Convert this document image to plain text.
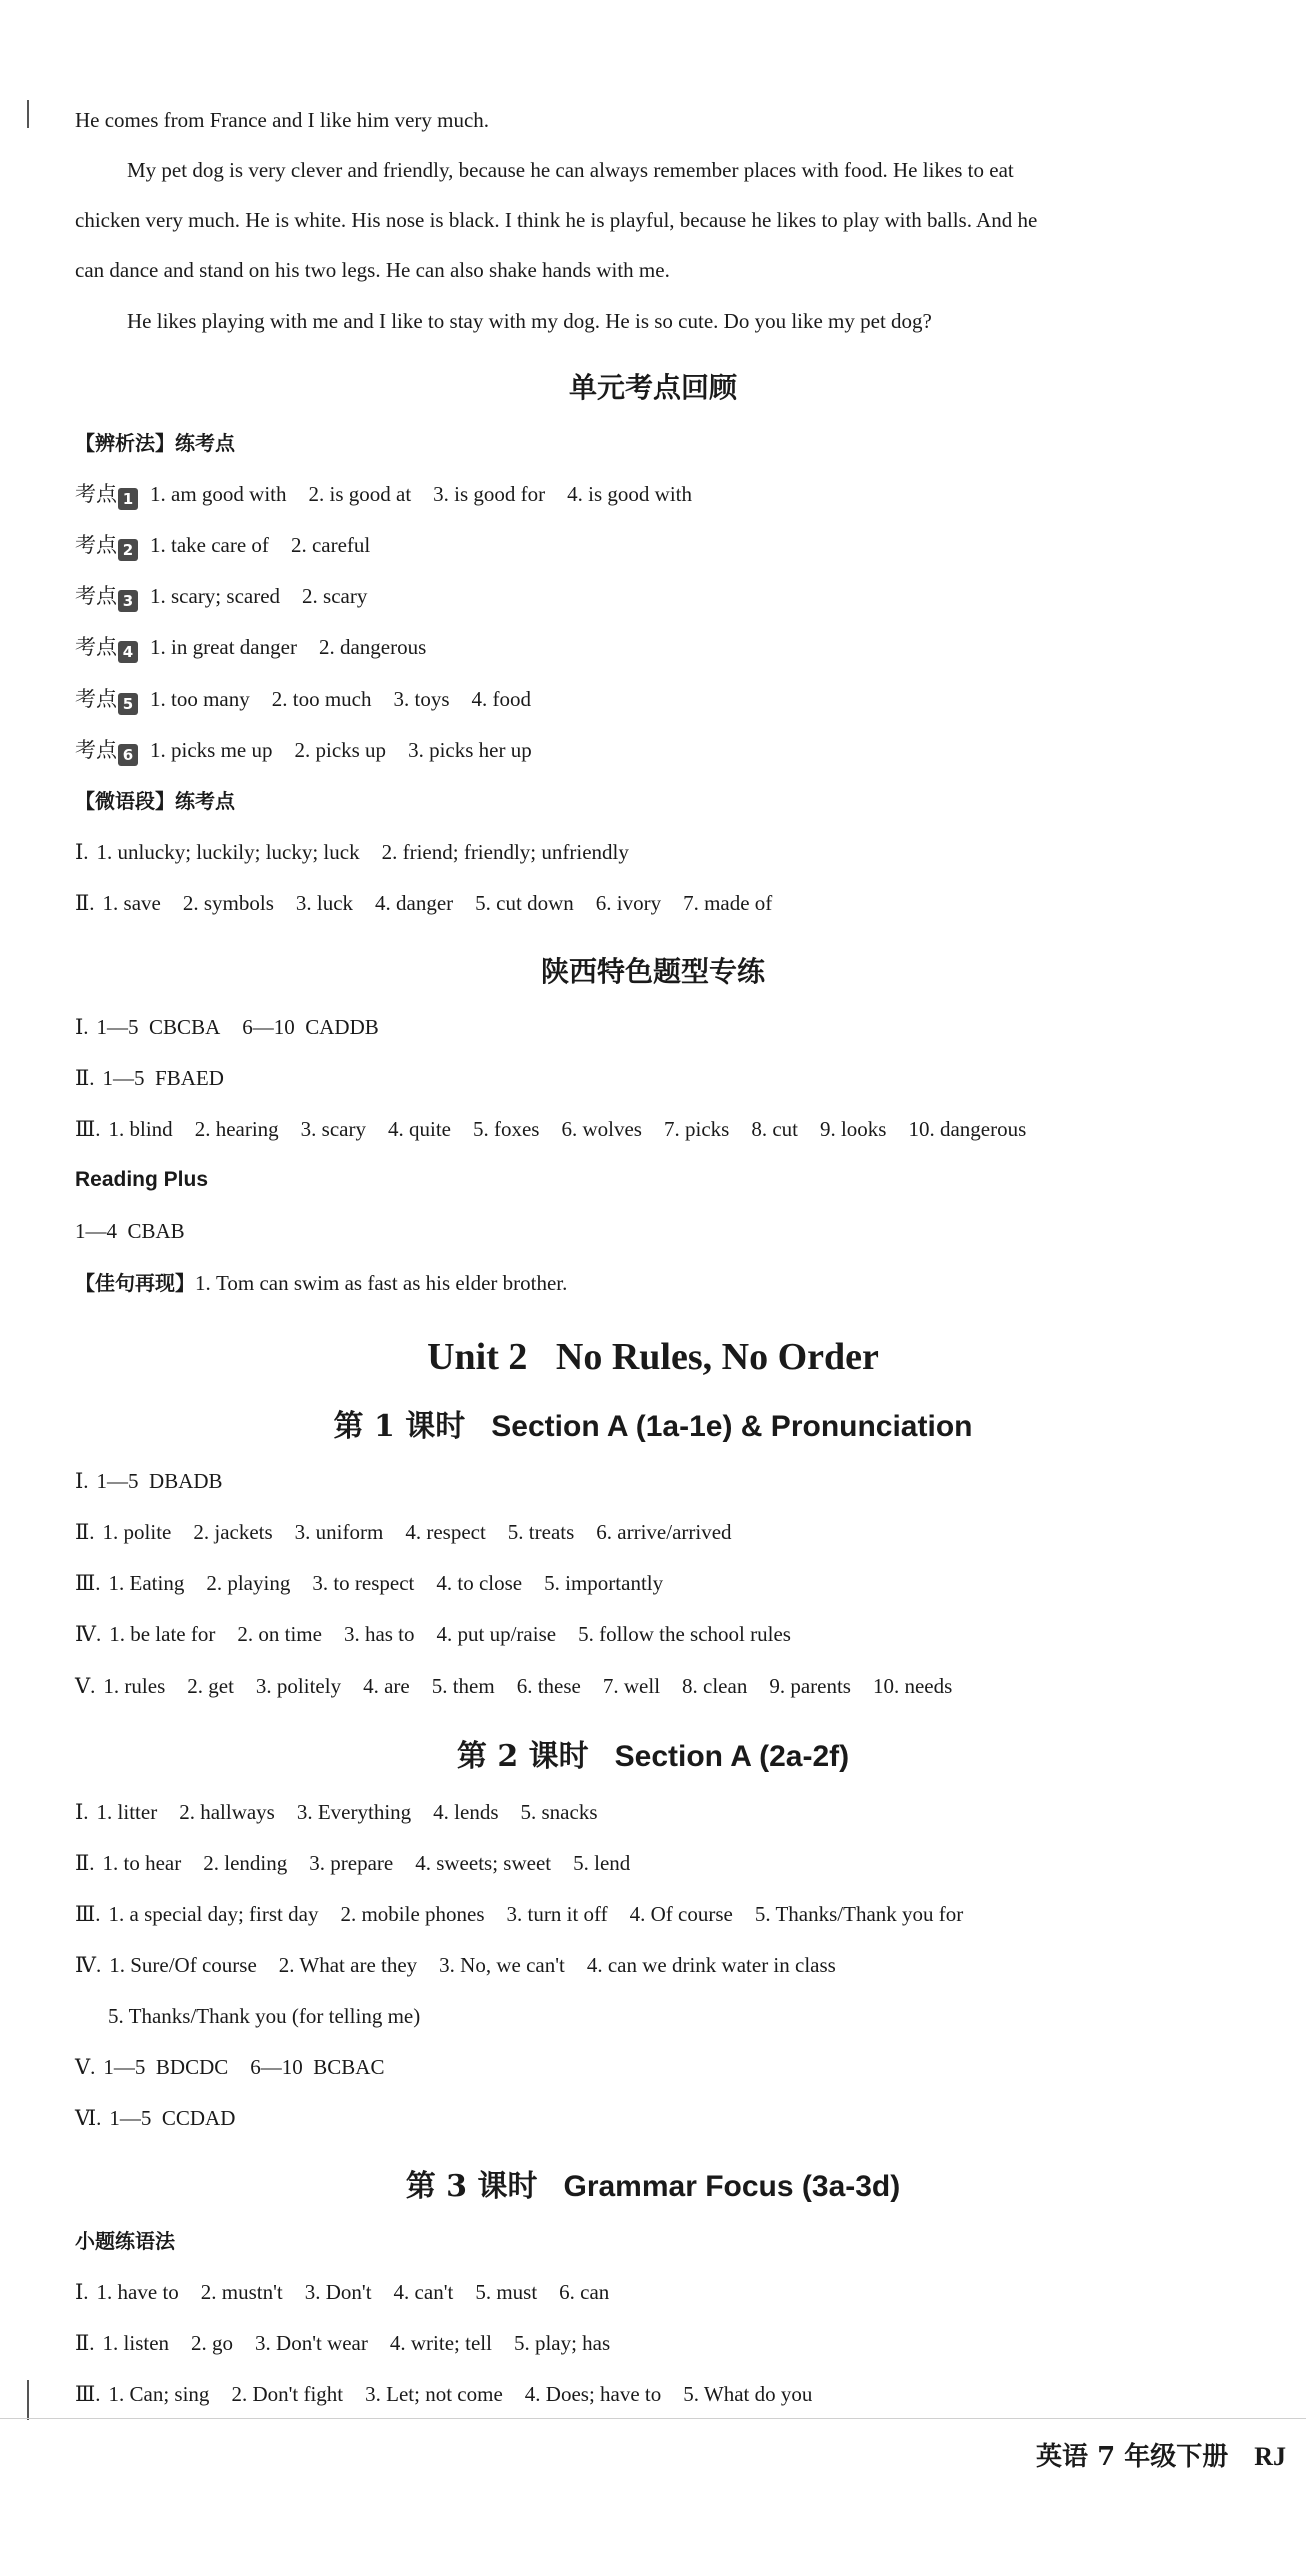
He comes from France and I like him very much.
My pet dog is very clever and friendly, because he can always remember places with food. He likes to eat
chicken very much. He is white. His nose is black. I think he is playful, because he likes to play with balls. And he
can dance and stand on his two legs. He can also shake hands with me.
He likes playing with me and I like to stay with my dog. He is so cute. Do you like my pet dog?
单元考点回顾
【辨析法】练考点
考点 1 1. am good with 2. is good at 3. is good for 4. is good with
考点 2 1. take care of 2. careful
考点 3 1. scary; scared 2. scary
考点 4 1. in great danger 2. dangerous
考点 5 1. too many 2. too much 3. toys 4. food
考点 6 1. picks me up 2. picks up 3. picks her up
【微语段】练考点
Ⅰ. 1. unlucky; luckily; lucky; luck 2. friend; friendly; unfriendly
Ⅱ. 1. save 2. symbols 3. luck 4. danger 5. cut down 6. ivory 7. made of
陕西特色题型专练
Ⅰ. 1—5  CBCBA 6—10  CADDB
Ⅱ. 1—5  FBAED
Ⅲ. 1. blind 2. hearing 3. scary 4. quite 5. foxes 6. wolves 7. picks 8. cut 9. looks 10. dangerous
Reading Plus
1—4  CBAB
【佳句再现】1. Tom can swim as fast as his elder brother.
Unit 2   No Rules, No Order
第 1 课时 Section A (1a-1e) & Pronunciation
Ⅰ. 1—5  DBADB
Ⅱ. 1. polite 2. jackets 3. uniform 4. respect 5. treats 6. arrive/arrived
Ⅲ. 1. Eating 2. playing 3. to respect 4. to close 5. importantly
Ⅳ. 1. be late for 2. on time 3. has to 4. put up/raise 5. follow the school rules
Ⅴ. 1. rules 2. get 3. politely 4. are 5. them 6. these 7. well 8. clean 9. parents 10. needs
第 2 课时 Section A (2a-2f)
Ⅰ. 1. litter 2. hallways 3. Everything 4. lends 5. snacks
Ⅱ. 1. to hear 2. lending 3. prepare 4. sweets; sweet 5. lend
Ⅲ. 1. a special day; first day 2. mobile phones 3. turn it off 4. Of course 5. Thanks/Thank you for
Ⅳ. 1. Sure/Of course 2. What are they 3. No, we can't 4. can we drink water in class
5. Thanks/Thank you (for telling me)
Ⅴ. 1—5  BDCDC 6—10  BCBAC
Ⅵ. 1—5  CCDAD
第 3 课时 Grammar Focus (3a-3d)
小题练语法
Ⅰ. 1. have to 2. mustn't 3. Don't 4. can't 5. must 6. can
Ⅱ. 1. listen 2. go 3. Don't wear 4. write; tell 5. play; has
Ⅲ. 1. Can; sing 2. Don't fight 3. Let; not come 4. Does; have to 5. What do you
英语 7 年级下册 RJ
